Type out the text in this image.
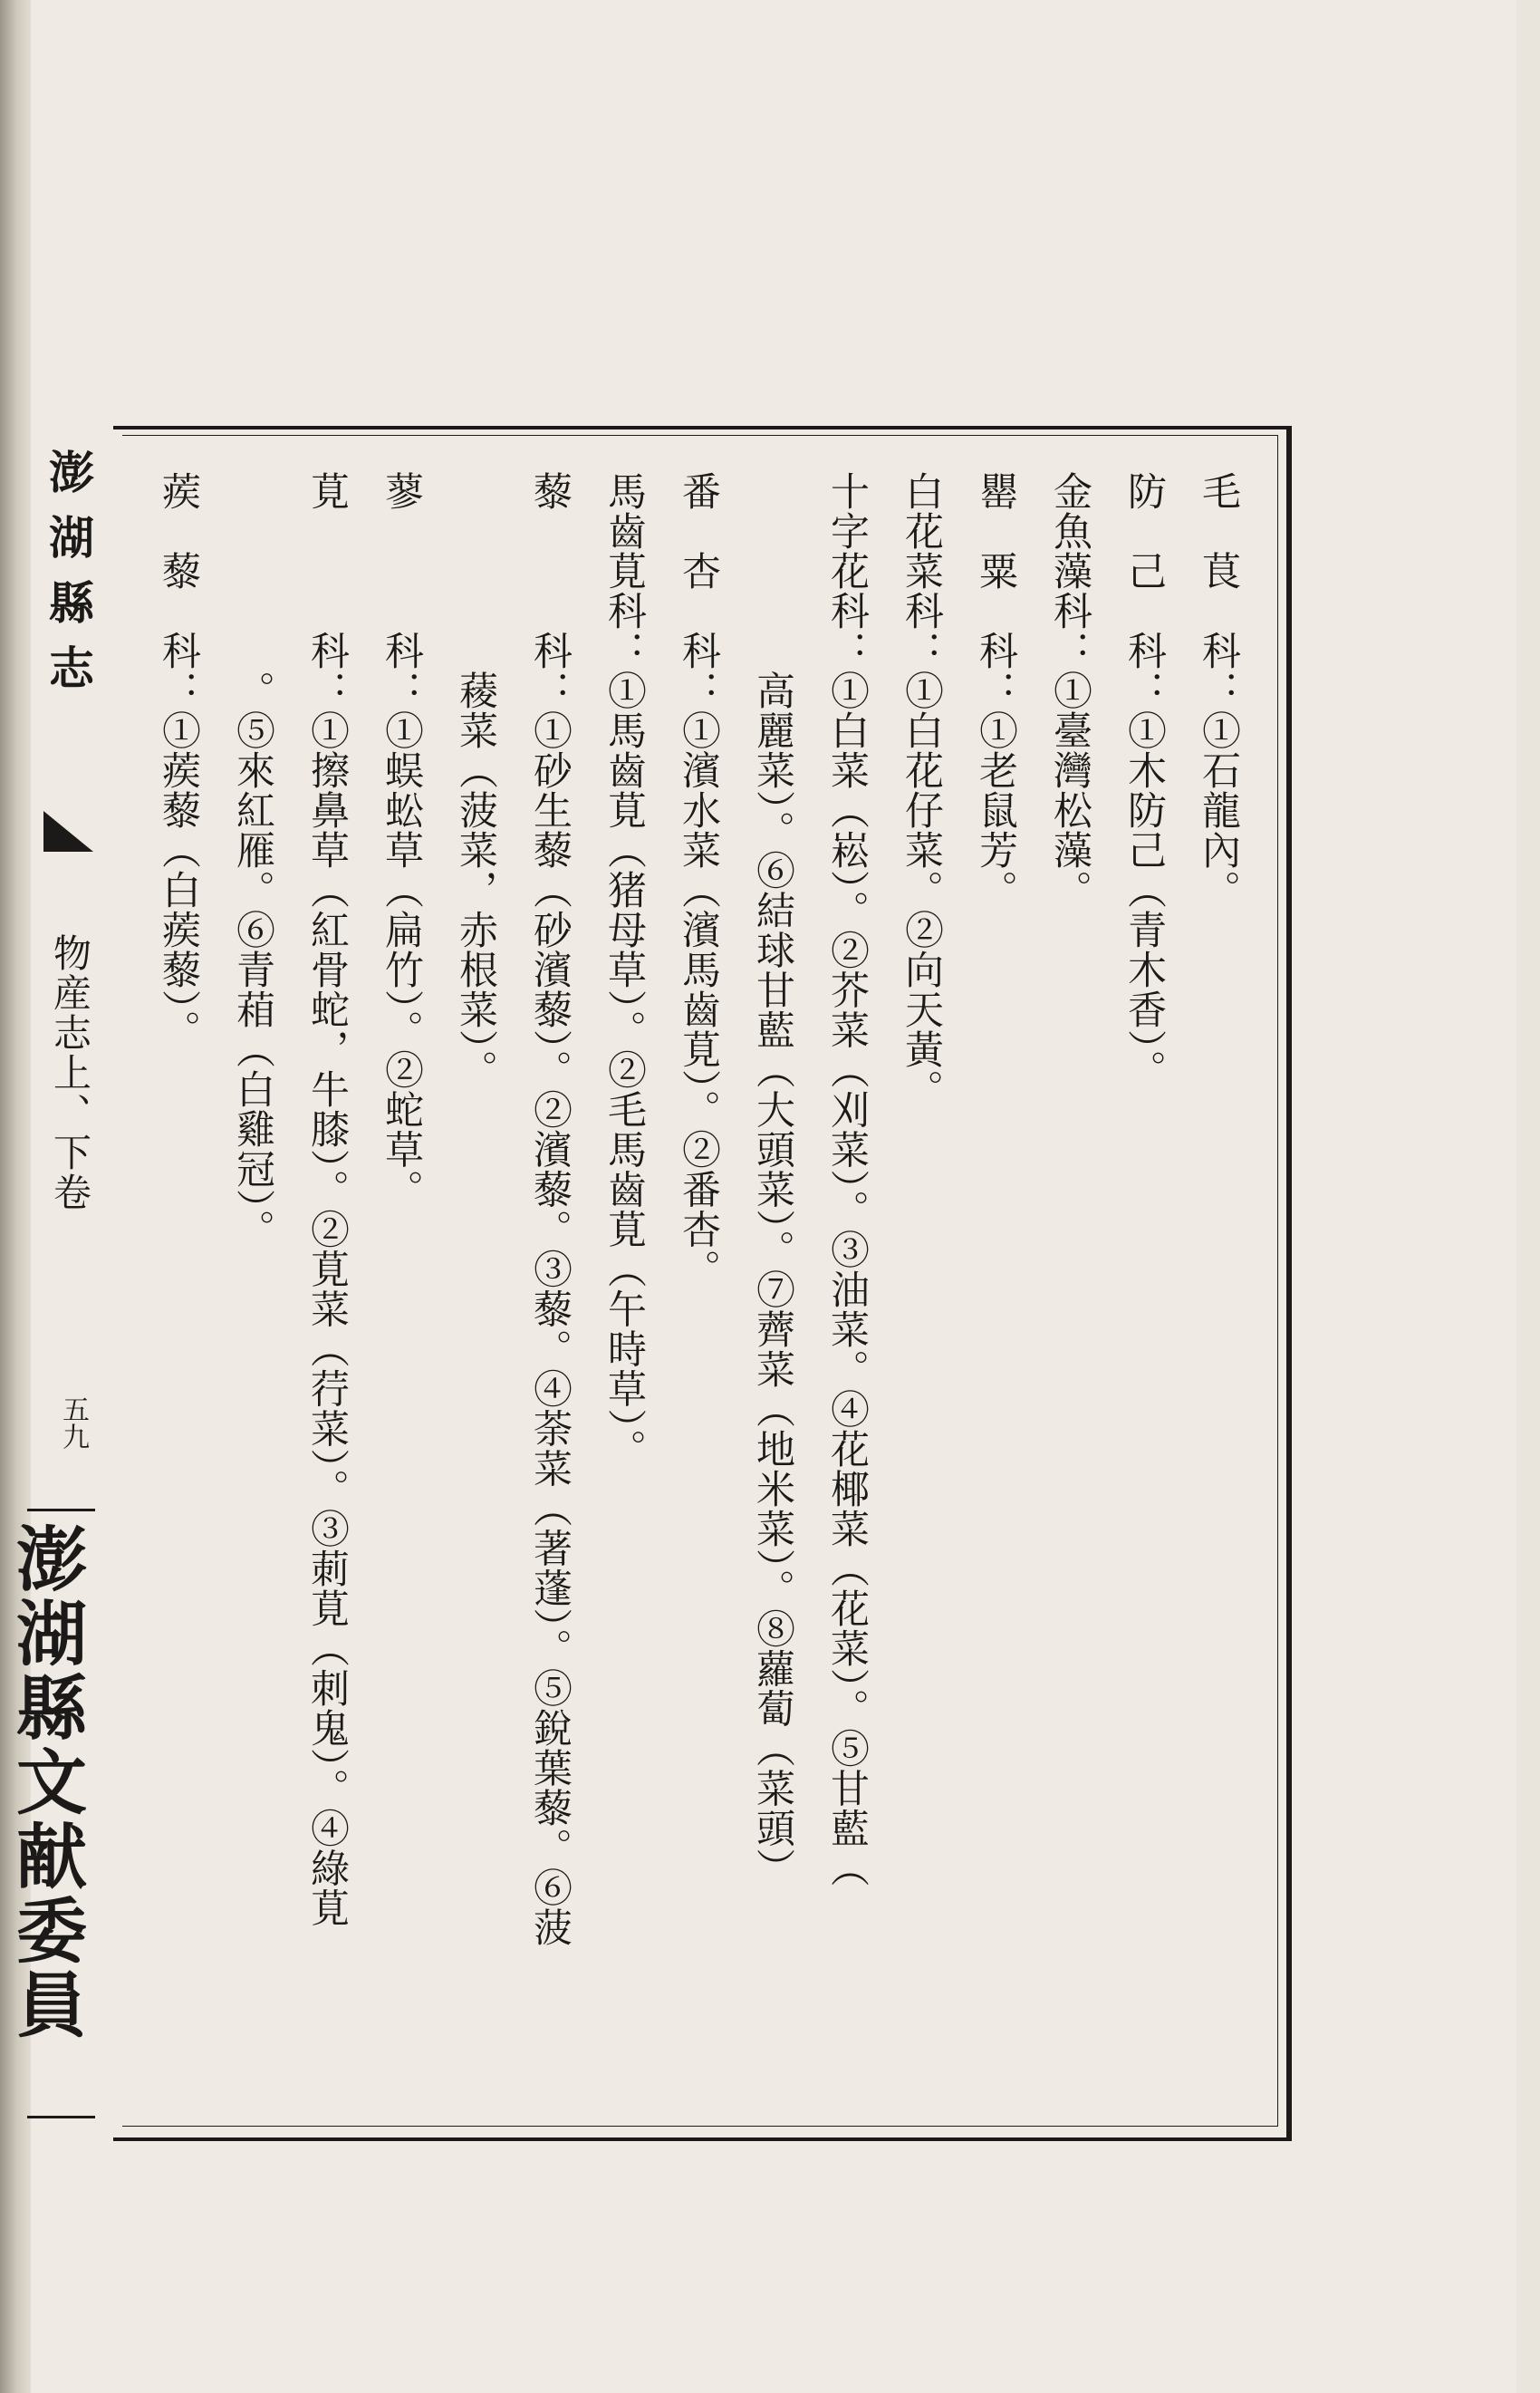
毛　茛　科：①石龍內。
防　己　科：①木防己（青木香）。
金魚藻科：①臺灣松藻。
罌　粟　科：①老鼠芳。
白花菜科：①白花仔菜。②向天黃。
十字花科：①白菜（崧）。②芥菜（刈菜）。③油菜。④花椰菜（花菜）。⑤甘藍（
　　　　　高麗菜）。⑥結球甘藍（大頭菜）。⑦薺菜（地米菜）。⑧蘿蔔（菜頭）
番　杏　科：①濱水菜（濱馬齒莧）。②番杏。
馬齒莧科：①馬齒莧（猪母草）。②毛馬齒莧（午時草）。
藜　　　科：①砂生藜（砂濱藜）。②濱藜。③藜。④荼菜（著蓬）。⑤銳葉藜。⑥菠
　　　　　薐菜（菠菜，赤根菜）。
蓼　　　科：①蜈蚣草（扁竹）。②蛇草。
莧　　　科：①擦鼻草（紅骨蛇，牛膝）。②莧菜（荇菜）。③莿莧（刺鬼）。④綠莧
　　　　　。⑤來紅雁。⑥青葙（白雞冠）。
蒺　藜　科：①蒺藜（白蒺藜）。
澎湖縣志
物産志上、下卷
五九
澎湖縣文献委員
